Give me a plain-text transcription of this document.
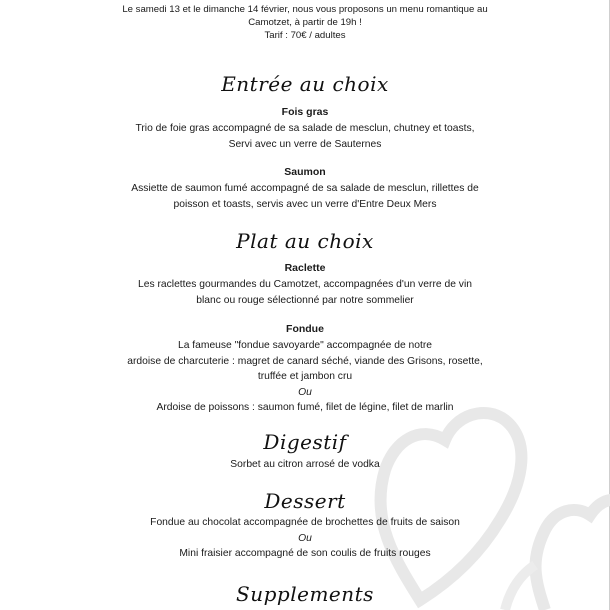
Le samedi 13 et le dimanche 14 février, nous vous proposons un menu romantique au
Camotzet, à partir de 19h !
Tarif : 70€ / adultes
Entrée au choix
Fois gras
Trio de foie gras accompagné de sa salade de mesclun, chutney et toasts,
Servi avec un verre de Sauternes
Saumon
Assiette de saumon fumé accompagné de sa salade de mesclun, rillettes de
poisson et toasts, servis avec un verre d'Entre Deux Mers
Plat au choix
Raclette
Les raclettes gourmandes du Camotzet, accompagnées d'un verre de vin
blanc ou rouge sélectionné par notre sommelier
Fondue
La fameuse "fondue savoyarde" accompagnée de notre
ardoise de charcuterie : magret de canard séché, viande des Grisons, rosette,
truffée et jambon cru
Ou
Ardoise de poissons : saumon fumé, filet de légine, filet de marlin
Digestif
Sorbet au citron arrosé de vodka
Dessert
Fondue au chocolat accompagnée de brochettes de fruits de saison
Ou
Mini fraisier accompagné de son coulis de fruits rouges
Supplements
